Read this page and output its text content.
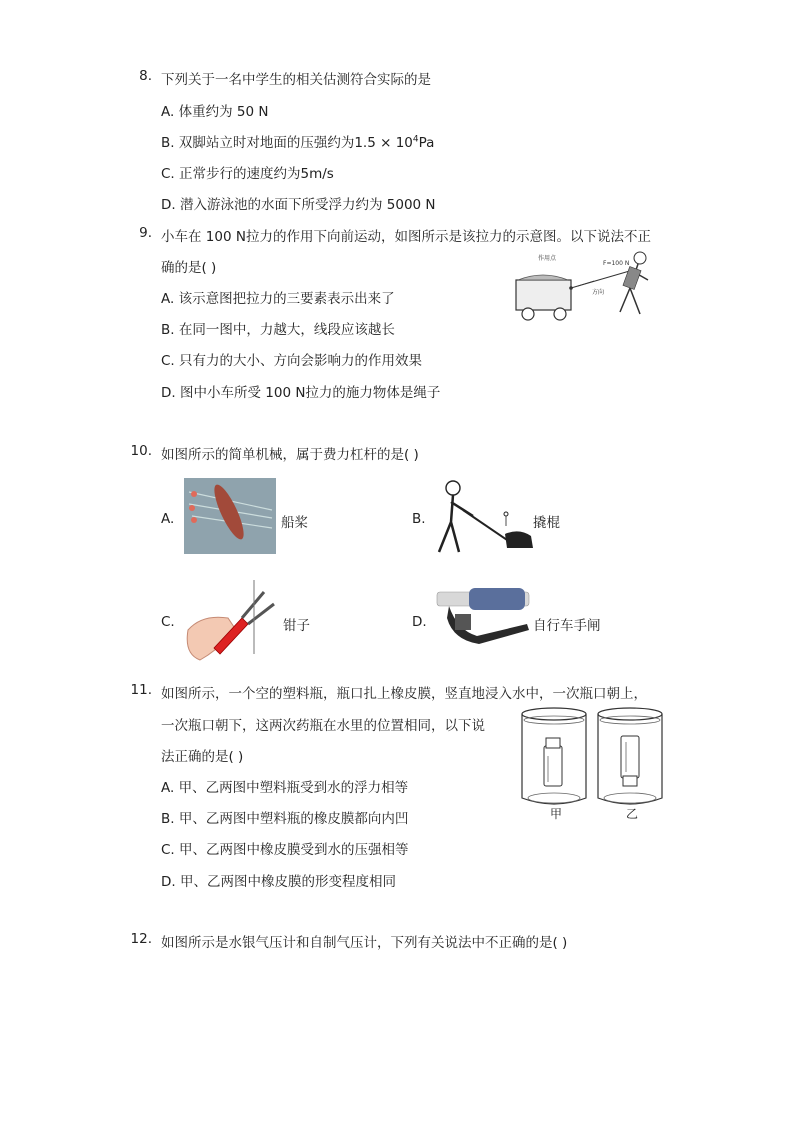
8. 下列关于一名中学生的相关估测符合实际的是
A. 体重约为 50 N
B. 双脚站立时对地面的压强约为$1.5 \times 10^4Pa$
C. 正常步行的速度约为5m/s
D. 潜入游泳池的水面下所受浮力约为 5000 N
9. 小车在 100 N拉力的作用下向前运动，如图所示是该拉力的示意图。以下说法不正
确的是( )
A. 该示意图把拉力的三要素表示出来了
B. 在同一图中，力越大，线段应该越长
C. 只有力的大小、方向会影响力的作用效果
D. 图中小车所受 100 N拉力的施力物体是绳子
作用点
F=100 N
方向
10. 如图所示的简单机械，属于费力杠杆的是( )
A.	船桨	B.	撬棍
C.	钳子	D.	自行车手闸
11. 如图所示，一个空的塑料瓶，瓶口扎上橡皮膜，竖直地浸入水中，一次瓶口朝上，
一次瓶口朝下，这两次药瓶在水里的位置相同，以下说
法正确的是( )
A. 甲、乙两图中塑料瓶受到水的浮力相等
B. 甲、乙两图中塑料瓶的橡皮膜都向内凹
C. 甲、乙两图中橡皮膜受到水的压强相等
D. 甲、乙两图中橡皮膜的形变程度相同
甲	乙
12. 如图所示是水银气压计和自制气压计，下列有关说法中不正确的是( )
